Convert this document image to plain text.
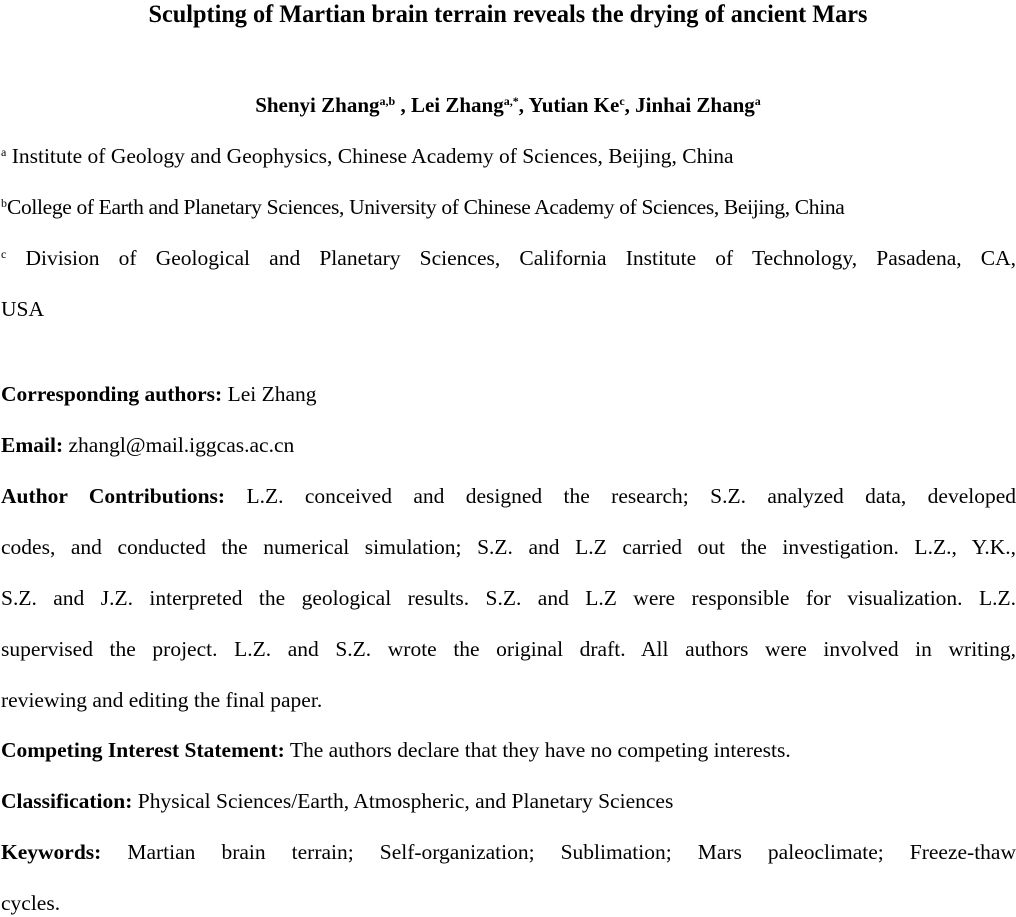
Sculpting of Martian brain terrain reveals the drying of ancient Mars
Shenyi Zhang$^{a,b}$ , Lei Zhang$^{a,*}$, Yutian Ke$^c$, Jinhai Zhang$^a$
$^a$ Institute of Geology and Geophysics, Chinese Academy of Sciences, Beijing, China
$^b$College of Earth and Planetary Sciences, University of Chinese Academy of Sciences, Beijing, China
$^c$ Division of Geological and Planetary Sciences, California Institute of Technology, Pasadena, CA,
USA
Corresponding authors: Lei Zhang
Email: zhangl@mail.iggcas.ac.cn
Author Contributions: L.Z. conceived and designed the research; S.Z. analyzed data, developed
codes, and conducted the numerical simulation; S.Z. and L.Z carried out the investigation. L.Z., Y.K.,
S.Z. and J.Z. interpreted the geological results. S.Z. and L.Z were responsible for visualization. L.Z.
supervised the project. L.Z. and S.Z. wrote the original draft. All authors were involved in writing,
reviewing and editing the final paper.
Competing Interest Statement: The authors declare that they have no competing interests.
Classification: Physical Sciences/Earth, Atmospheric, and Planetary Sciences
Keywords: Martian brain terrain; Self-organization; Sublimation; Mars paleoclimate; Freeze-thaw
cycles.
